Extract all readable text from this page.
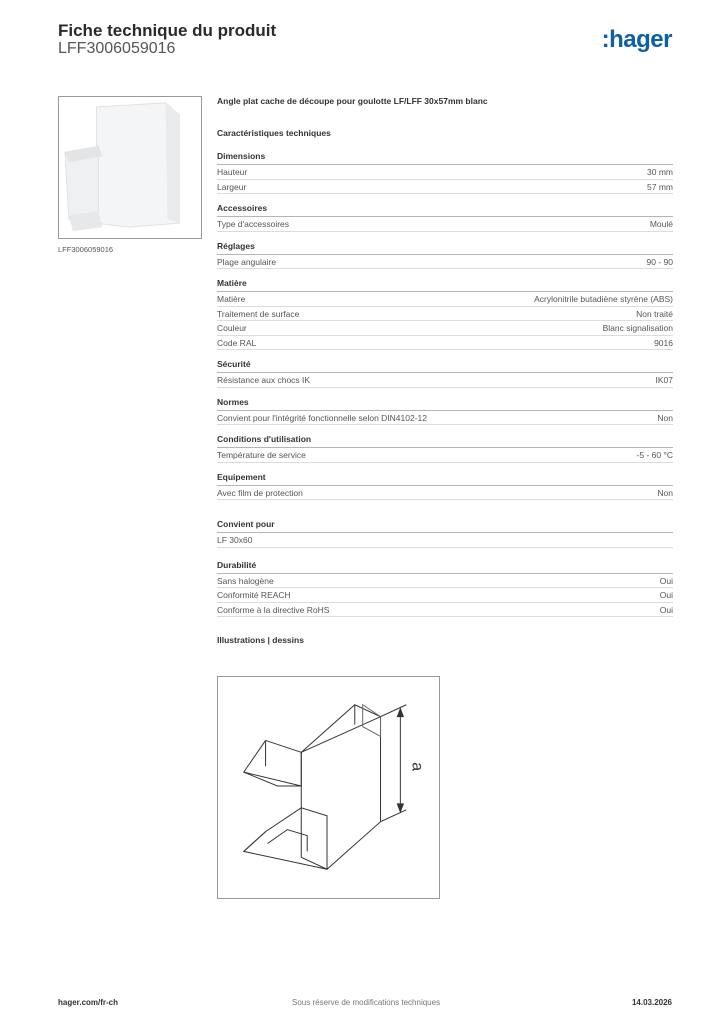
Fiche technique du produit
LFF3006059016	:hager
LFF3006059016
Angle plat cache de découpe pour goulotte LF/LFF 30x57mm blanc
Caractéristiques techniques
Dimensions
Hauteur	30 mm
Largeur	57 mm
Accessoires
Type d'accessoires	Moulé
Réglages
Plage angulaire	90 - 90
Matière
Matière	Acrylonitrile butadiène styrène (ABS)
Traitement de surface	Non traité
Couleur	Blanc signalisation
Code RAL	9016
Sécurité
Résistance aux chocs IK	IK07
Normes
Convient pour l'intégrité fonctionnelle selon DIN4102-12	Non
Conditions d'utilisation
Température de service	-5 - 60 °C
Equipement
Avec film de protection	Non
Convient pour
LF 30x60
Durabilité
Sans halogène	Oui
Conformité REACH	Oui
Conforme à la directive RoHS	Oui
Illustrations | dessins
a
hager.com/fr-ch	Sous réserve de modifications techniques	14.03.2026
